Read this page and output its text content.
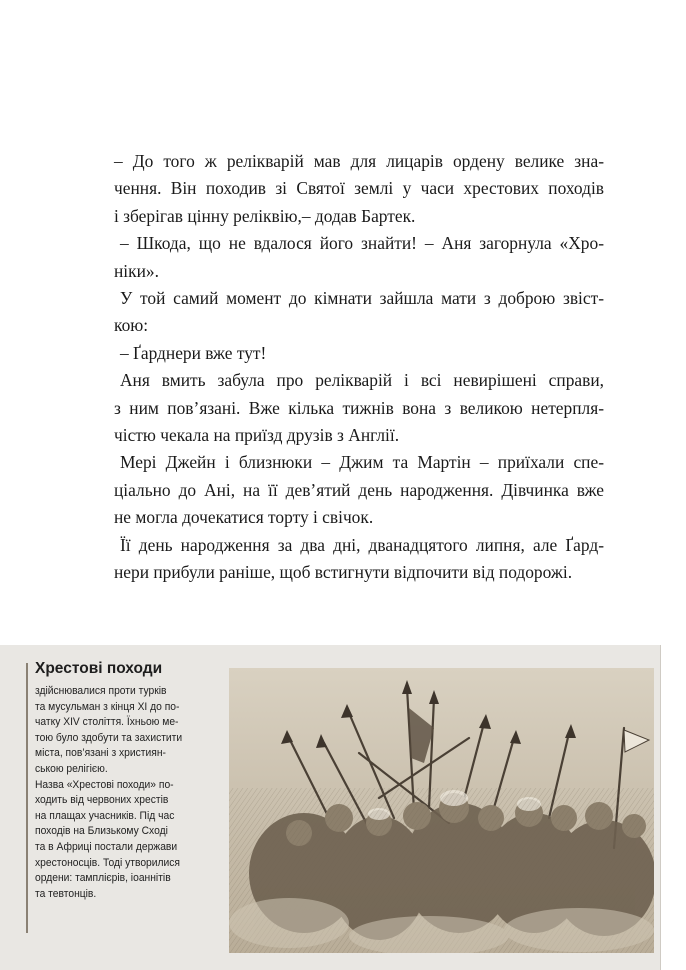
– До того ж релікварій мав для лицарів ордену велике зна-
чення. Він походив зі Святої землі у часи хрестових походів
і зберігав цінну реліквію,– додав Бартек.
– Шкода, що не вдалося його знайти! – Аня загорнула «Хро-
ніки».
У той самий момент до кімнати зайшла мати з доброю звіст-
кою:
– Ґарднери вже тут!
Аня вмить забула про релікварій і всі невирішені справи,
з ним пов’язані. Вже кілька тижнів вона з великою нетерпля-
чістю чекала на приїзд друзів з Англії.
Мері Джейн і близнюки – Джим та Мартін – приїхали спе-
ціально до Ані, на її дев’ятий день народження. Дівчинка вже
не могла дочекатися торту і свічок.
Її день народження за два дні, дванадцятого липня, але Ґард-
нери прибули раніше, щоб встигнути відпочити від подорожі.
Хрестові походи
здійснювалися проти турків
та мусульман з кінця XI до по-
чатку XIV століття. Їхньою ме-
тою було здобути та захистити
міста, пов’язані з християн-
ською релігією.
Назва «Хрестові походи» по-
ходить від червоних хрестів
на плащах учасників. Під час
походів на Близькому Сході
та в Африці постали держави
хрестоносців. Тоді утворилися
ордени: тамплієрів, іоаннітів
та тевтонців.
